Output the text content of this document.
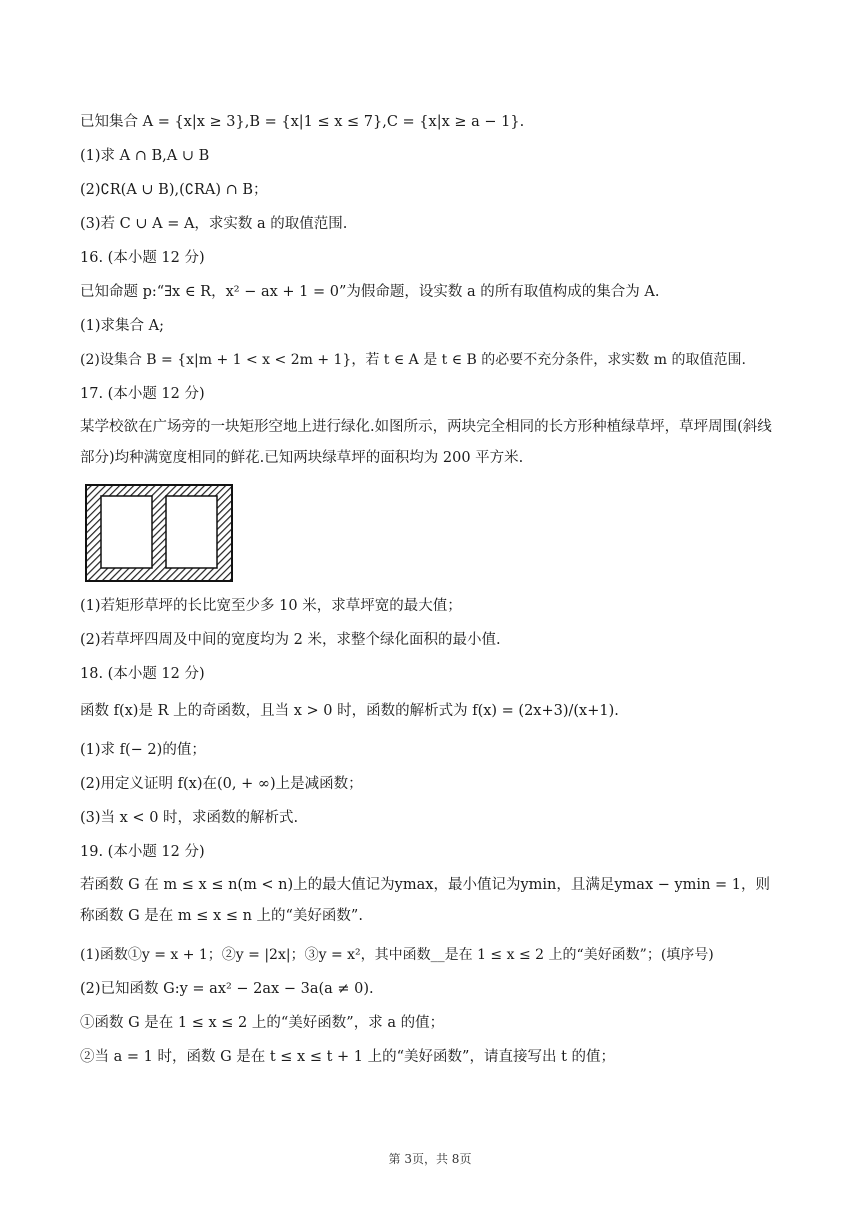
已知集合 A = {x|x ≥ 3},B = {x|1 ≤ x ≤ 7},C = {x|x ≥ a − 1}.
(1)求 A ∩ B,A ∪ B
(2)∁R(A ∪ B),(∁RA) ∩ B；
(3)若 C ∪ A = A，求实数 a 的取值范围.
16. (本小题 12 分)
已知命题 p:“∃x ∈ R，x² − ax + 1 = 0”为假命题，设实数 a 的所有取值构成的集合为 A.
(1)求集合 A;
(2)设集合 B = {x|m + 1 < x < 2m + 1}，若 t ∈ A 是 t ∈ B 的必要不充分条件，求实数 m 的取值范围.
17. (本小题 12 分)
某学校欲在广场旁的一块矩形空地上进行绿化.如图所示，两块完全相同的长方形种植绿草坪，草坪周围(斜线部分)均种满宽度相同的鲜花.已知两块绿草坪的面积均为 200 平方米.
(1)若矩形草坪的长比宽至少多 10 米，求草坪宽的最大值；
(2)若草坪四周及中间的宽度均为 2 米，求整个绿化面积的最小值.
18. (本小题 12 分)
函数 f(x)是 R 上的奇函数，且当 x > 0 时，函数的解析式为 f(x) = (2x+3)/(x+1).
(1)求 f(− 2)的值；
(2)用定义证明 f(x)在(0, + ∞)上是减函数；
(3)当 x < 0 时，求函数的解析式.
19. (本小题 12 分)
若函数 G 在 m ≤ x ≤ n(m < n)上的最大值记为ymax，最小值记为ymin，且满足ymax − ymin = 1，则称函数 G 是在 m ≤ x ≤ n 上的“美好函数”.
(1)函数①y = x + 1；②y = |2x|；③y = x²，其中函数__是在 1 ≤ x ≤ 2 上的“美好函数”；(填序号)
(2)已知函数 G:y = ax² − 2ax − 3a(a ≠ 0).
①函数 G 是在 1 ≤ x ≤ 2 上的“美好函数”，求 a 的值；
②当 a = 1 时，函数 G 是在 t ≤ x ≤ t + 1 上的“美好函数”，请直接写出 t 的值；
第 3页，共 8页
